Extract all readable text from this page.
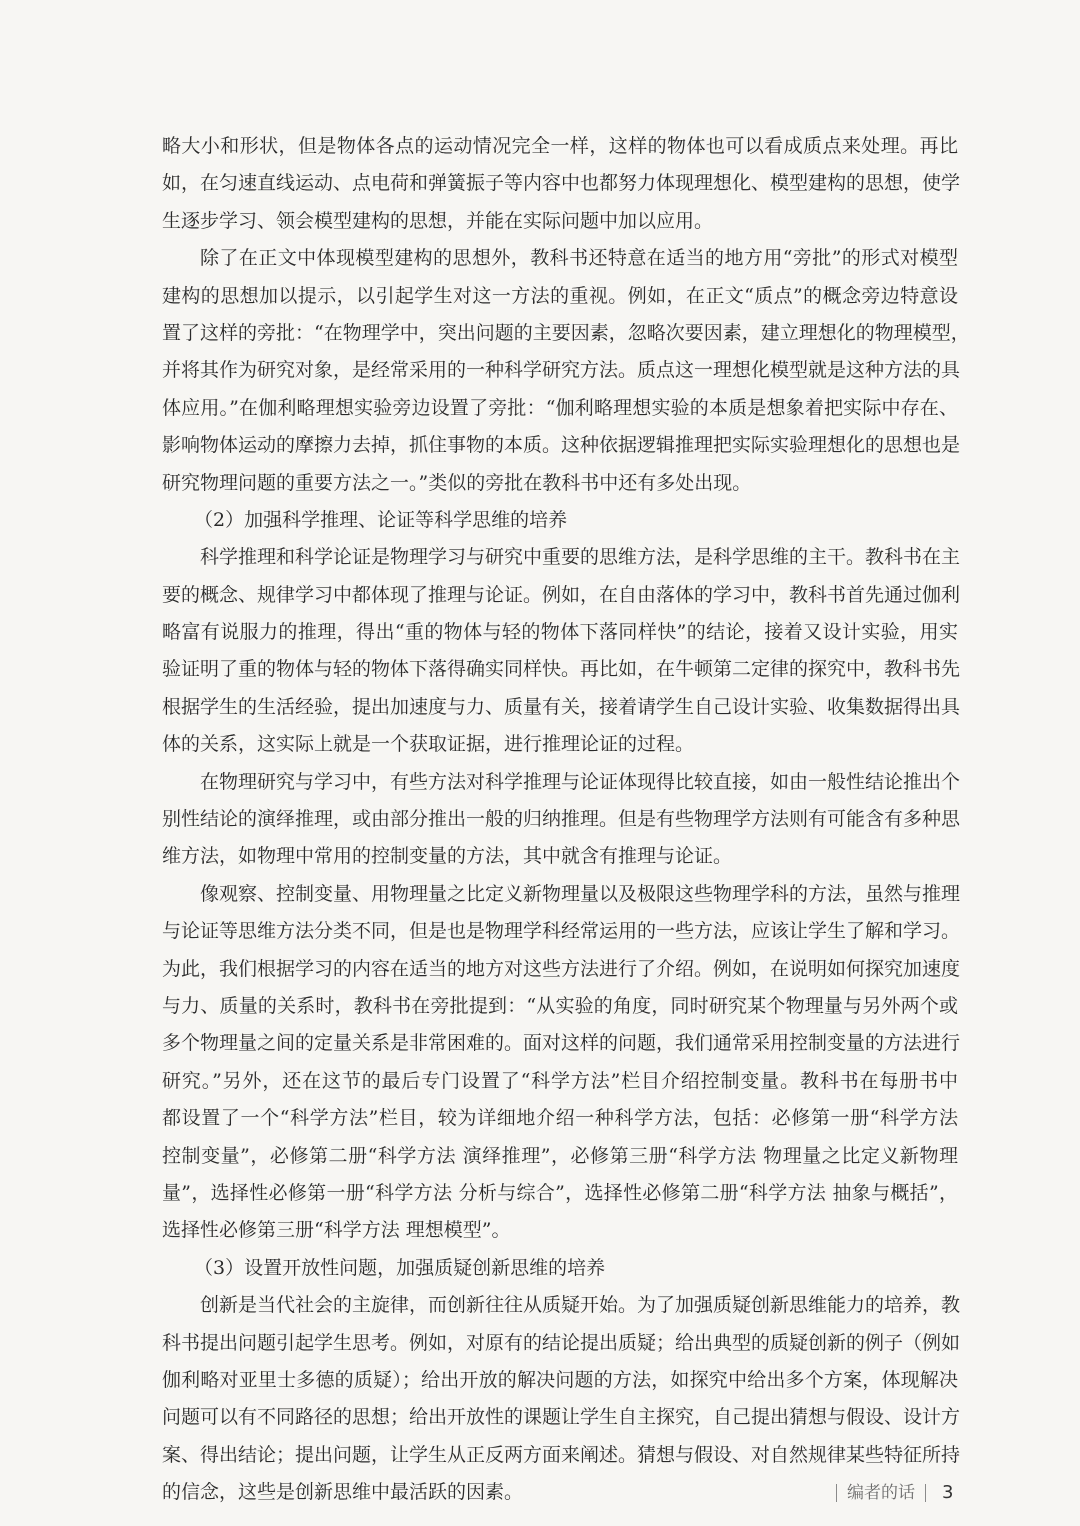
略大小和形状，但是物体各点的运动情况完全一样，这样的物体也可以看成质点来处理。再比
如，在匀速直线运动、点电荷和弹簧振子等内容中也都努力体现理想化、模型建构的思想，使学
生逐步学习、领会模型建构的思想，并能在实际问题中加以应用。
除了在正文中体现模型建构的思想外，教科书还特意在适当的地方用“旁批”的形式对模型
建构的思想加以提示，以引起学生对这一方法的重视。例如，在正文“质点”的概念旁边特意设
置了这样的旁批：“在物理学中，突出问题的主要因素，忽略次要因素，建立理想化的物理模型，
并将其作为研究对象，是经常采用的一种科学研究方法。质点这一理想化模型就是这种方法的具
体应用。”在伽利略理想实验旁边设置了旁批：“伽利略理想实验的本质是想象着把实际中存在、
影响物体运动的摩擦力去掉，抓住事物的本质。这种依据逻辑推理把实际实验理想化的思想也是
研究物理问题的重要方法之一。”类似的旁批在教科书中还有多处出现。
（2）加强科学推理、论证等科学思维的培养
科学推理和科学论证是物理学习与研究中重要的思维方法，是科学思维的主干。教科书在主
要的概念、规律学习中都体现了推理与论证。例如，在自由落体的学习中，教科书首先通过伽利
略富有说服力的推理，得出“重的物体与轻的物体下落同样快”的结论，接着又设计实验，用实
验证明了重的物体与轻的物体下落得确实同样快。再比如，在牛顿第二定律的探究中，教科书先
根据学生的生活经验，提出加速度与力、质量有关，接着请学生自己设计实验、收集数据得出具
体的关系，这实际上就是一个获取证据，进行推理论证的过程。
在物理研究与学习中，有些方法对科学推理与论证体现得比较直接，如由一般性结论推出个
别性结论的演绎推理，或由部分推出一般的归纳推理。但是有些物理学方法则有可能含有多种思
维方法，如物理中常用的控制变量的方法，其中就含有推理与论证。
像观察、控制变量、用物理量之比定义新物理量以及极限这些物理学科的方法，虽然与推理
与论证等思维方法分类不同，但是也是物理学科经常运用的一些方法，应该让学生了解和学习。
为此，我们根据学习的内容在适当的地方对这些方法进行了介绍。例如，在说明如何探究加速度
与力、质量的关系时，教科书在旁批提到：“从实验的角度，同时研究某个物理量与另外两个或
多个物理量之间的定量关系是非常困难的。面对这样的问题，我们通常采用控制变量的方法进行
研究。”另外，还在这节的最后专门设置了“科学方法”栏目介绍控制变量。教科书在每册书中
都设置了一个“科学方法”栏目，较为详细地介绍一种科学方法，包括：必修第一册“科学方法
控制变量”，必修第二册“科学方法 演绎推理”，必修第三册“科学方法 物理量之比定义新物理
量”，选择性必修第一册“科学方法 分析与综合”，选择性必修第二册“科学方法 抽象与概括”，
选择性必修第三册“科学方法 理想模型”。
（3）设置开放性问题，加强质疑创新思维的培养
创新是当代社会的主旋律，而创新往往从质疑开始。为了加强质疑创新思维能力的培养，教
科书提出问题引起学生思考。例如，对原有的结论提出质疑；给出典型的质疑创新的例子（例如
伽利略对亚里士多德的质疑）；给出开放的解决问题的方法，如探究中给出多个方案，体现解决
问题可以有不同路径的思想；给出开放性的课题让学生自主探究，自己提出猜想与假设、设计方
案、得出结论；提出问题，让学生从正反两方面来阐述。猜想与假设、对自然规律某些特征所持
的信念，这些是创新思维中最活跃的因素。	编者的话 3
